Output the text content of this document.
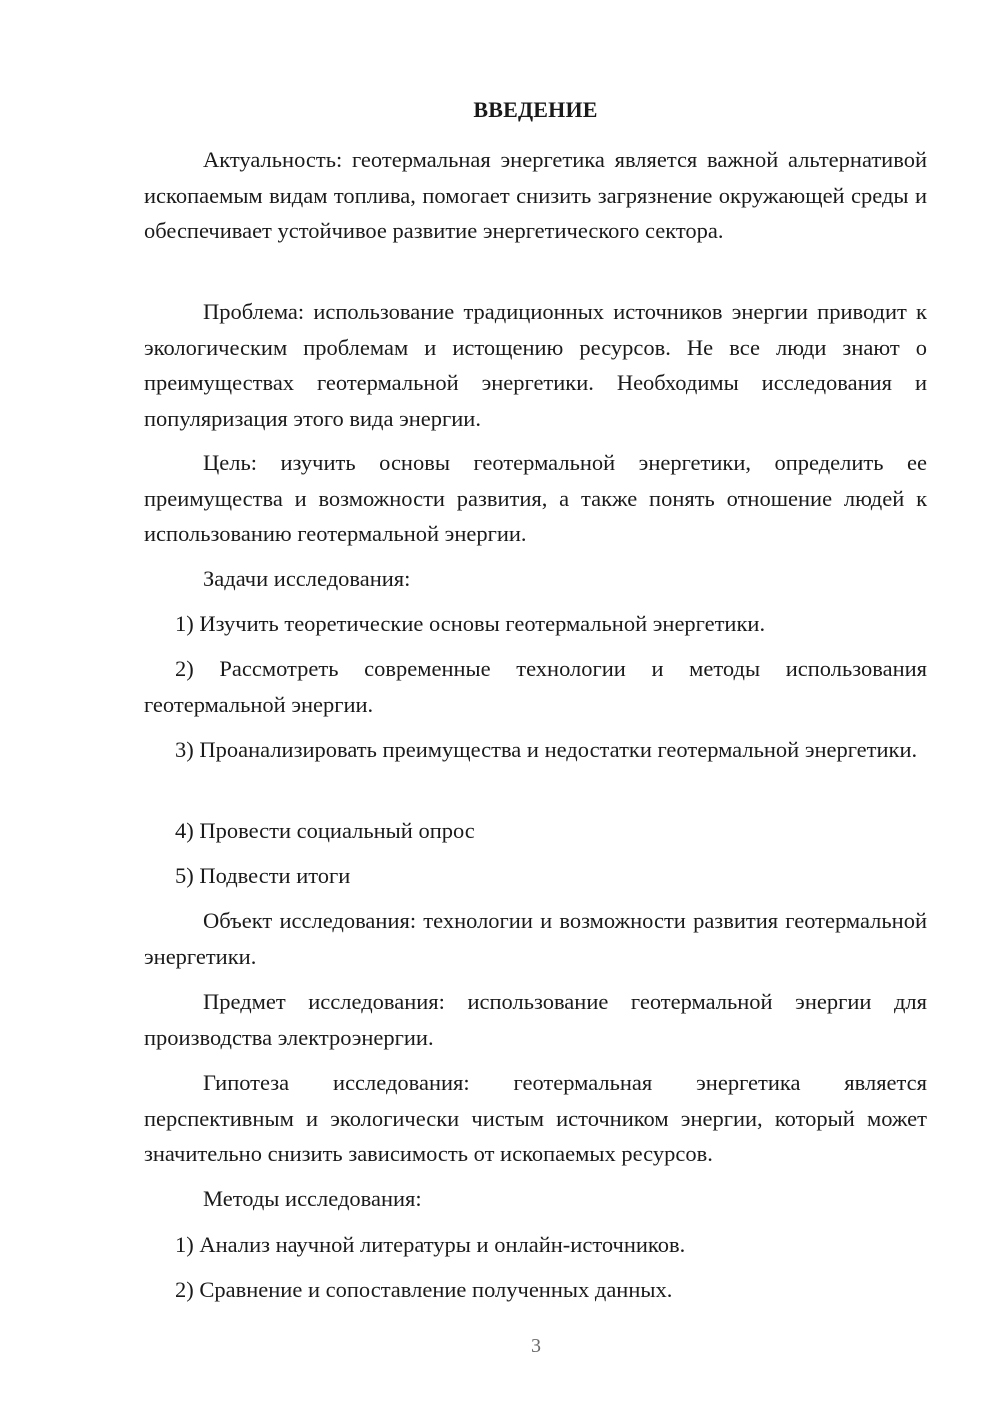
ВВЕДЕНИЕ

Актуальность: геотермальная энергетика является важной альтернативой ископаемым видам топлива, помогает снизить загрязнение окружающей среды и обеспечивает устойчивое развитие энергетического сектора.

Проблема: использование традиционных источников энергии приводит к экологическим проблемам и истощению ресурсов. Не все люди знают о преимуществах геотермальной энергетики. Необходимы исследования и популяризация этого вида энергии.

Цель: изучить основы геотермальной энергетики, определить ее преимущества и возможности развития, а также понять отношение людей к использованию геотермальной энергии.

Задачи исследования:

1) Изучить теоретические основы геотермальной энергетики.

2) Рассмотреть современные технологии и методы использования геотермальной энергии.

3) Проанализировать преимущества и недостатки геотермальной энергетики.

4) Провести социальный опрос

5) Подвести итоги

Объект исследования: технологии и возможности развития геотермальной энергетики.

Предмет исследования: использование геотермальной энергии для производства электроэнергии.

Гипотеза исследования: геотермальная энергетика является перспективным и экологически чистым источником энергии, который может значительно снизить зависимость от ископаемых ресурсов.

Методы исследования:

1) Анализ научной литературы и онлайн-источников.

2) Сравнение и сопоставление полученных данных.

3
